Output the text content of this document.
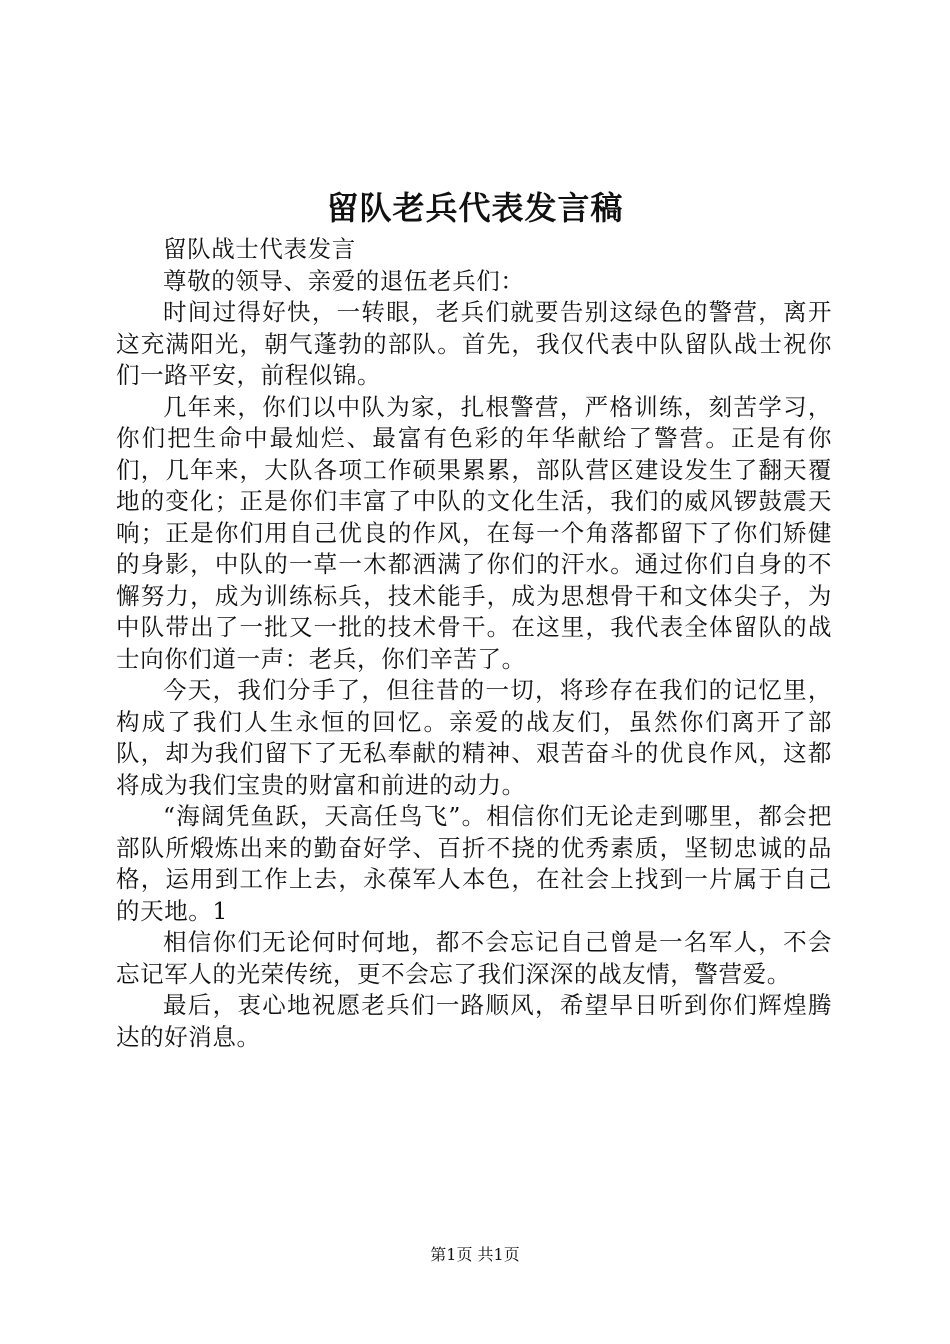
留队老兵代表发言稿

留队战士代表发言

尊敬的领导、亲爱的退伍老兵们：

时间过得好快，一转眼，老兵们就要告别这绿色的警营，离开这充满阳光，朝气蓬勃的部队。首先，我仅代表中队留队战士祝你们一路平安，前程似锦。

几年来，你们以中队为家，扎根警营，严格训练，刻苦学习，你们把生命中最灿烂、最富有色彩的年华献给了警营。正是有你们，几年来，大队各项工作硕果累累，部队营区建设发生了翻天覆地的变化；正是你们丰富了中队的文化生活，我们的威风锣鼓震天响；正是你们用自己优良的作风，在每一个角落都留下了你们矫健的身影，中队的一草一木都洒满了你们的汗水。通过你们自身的不懈努力，成为训练标兵，技术能手，成为思想骨干和文体尖子，为中队带出了一批又一批的技术骨干。在这里，我代表全体留队的战士向你们道一声：老兵，你们辛苦了。

今天，我们分手了，但往昔的一切，将珍存在我们的记忆里，构成了我们人生永恒的回忆。亲爱的战友们，虽然你们离开了部队，却为我们留下了无私奉献的精神、艰苦奋斗的优良作风，这都将成为我们宝贵的财富和前进的动力。

“海阔凭鱼跃，天高任鸟飞”。相信你们无论走到哪里，都会把部队所煅炼出来的勤奋好学、百折不挠的优秀素质，坚韧忠诚的品格，运用到工作上去，永葆军人本色，在社会上找到一片属于自己的天地。1

相信你们无论何时何地，都不会忘记自己曾是一名军人，不会忘记军人的光荣传统，更不会忘了我们深深的战友情，警营爱。

最后，衷心地祝愿老兵们一路顺风，希望早日听到你们辉煌腾达的好消息。

第1页 共1页
